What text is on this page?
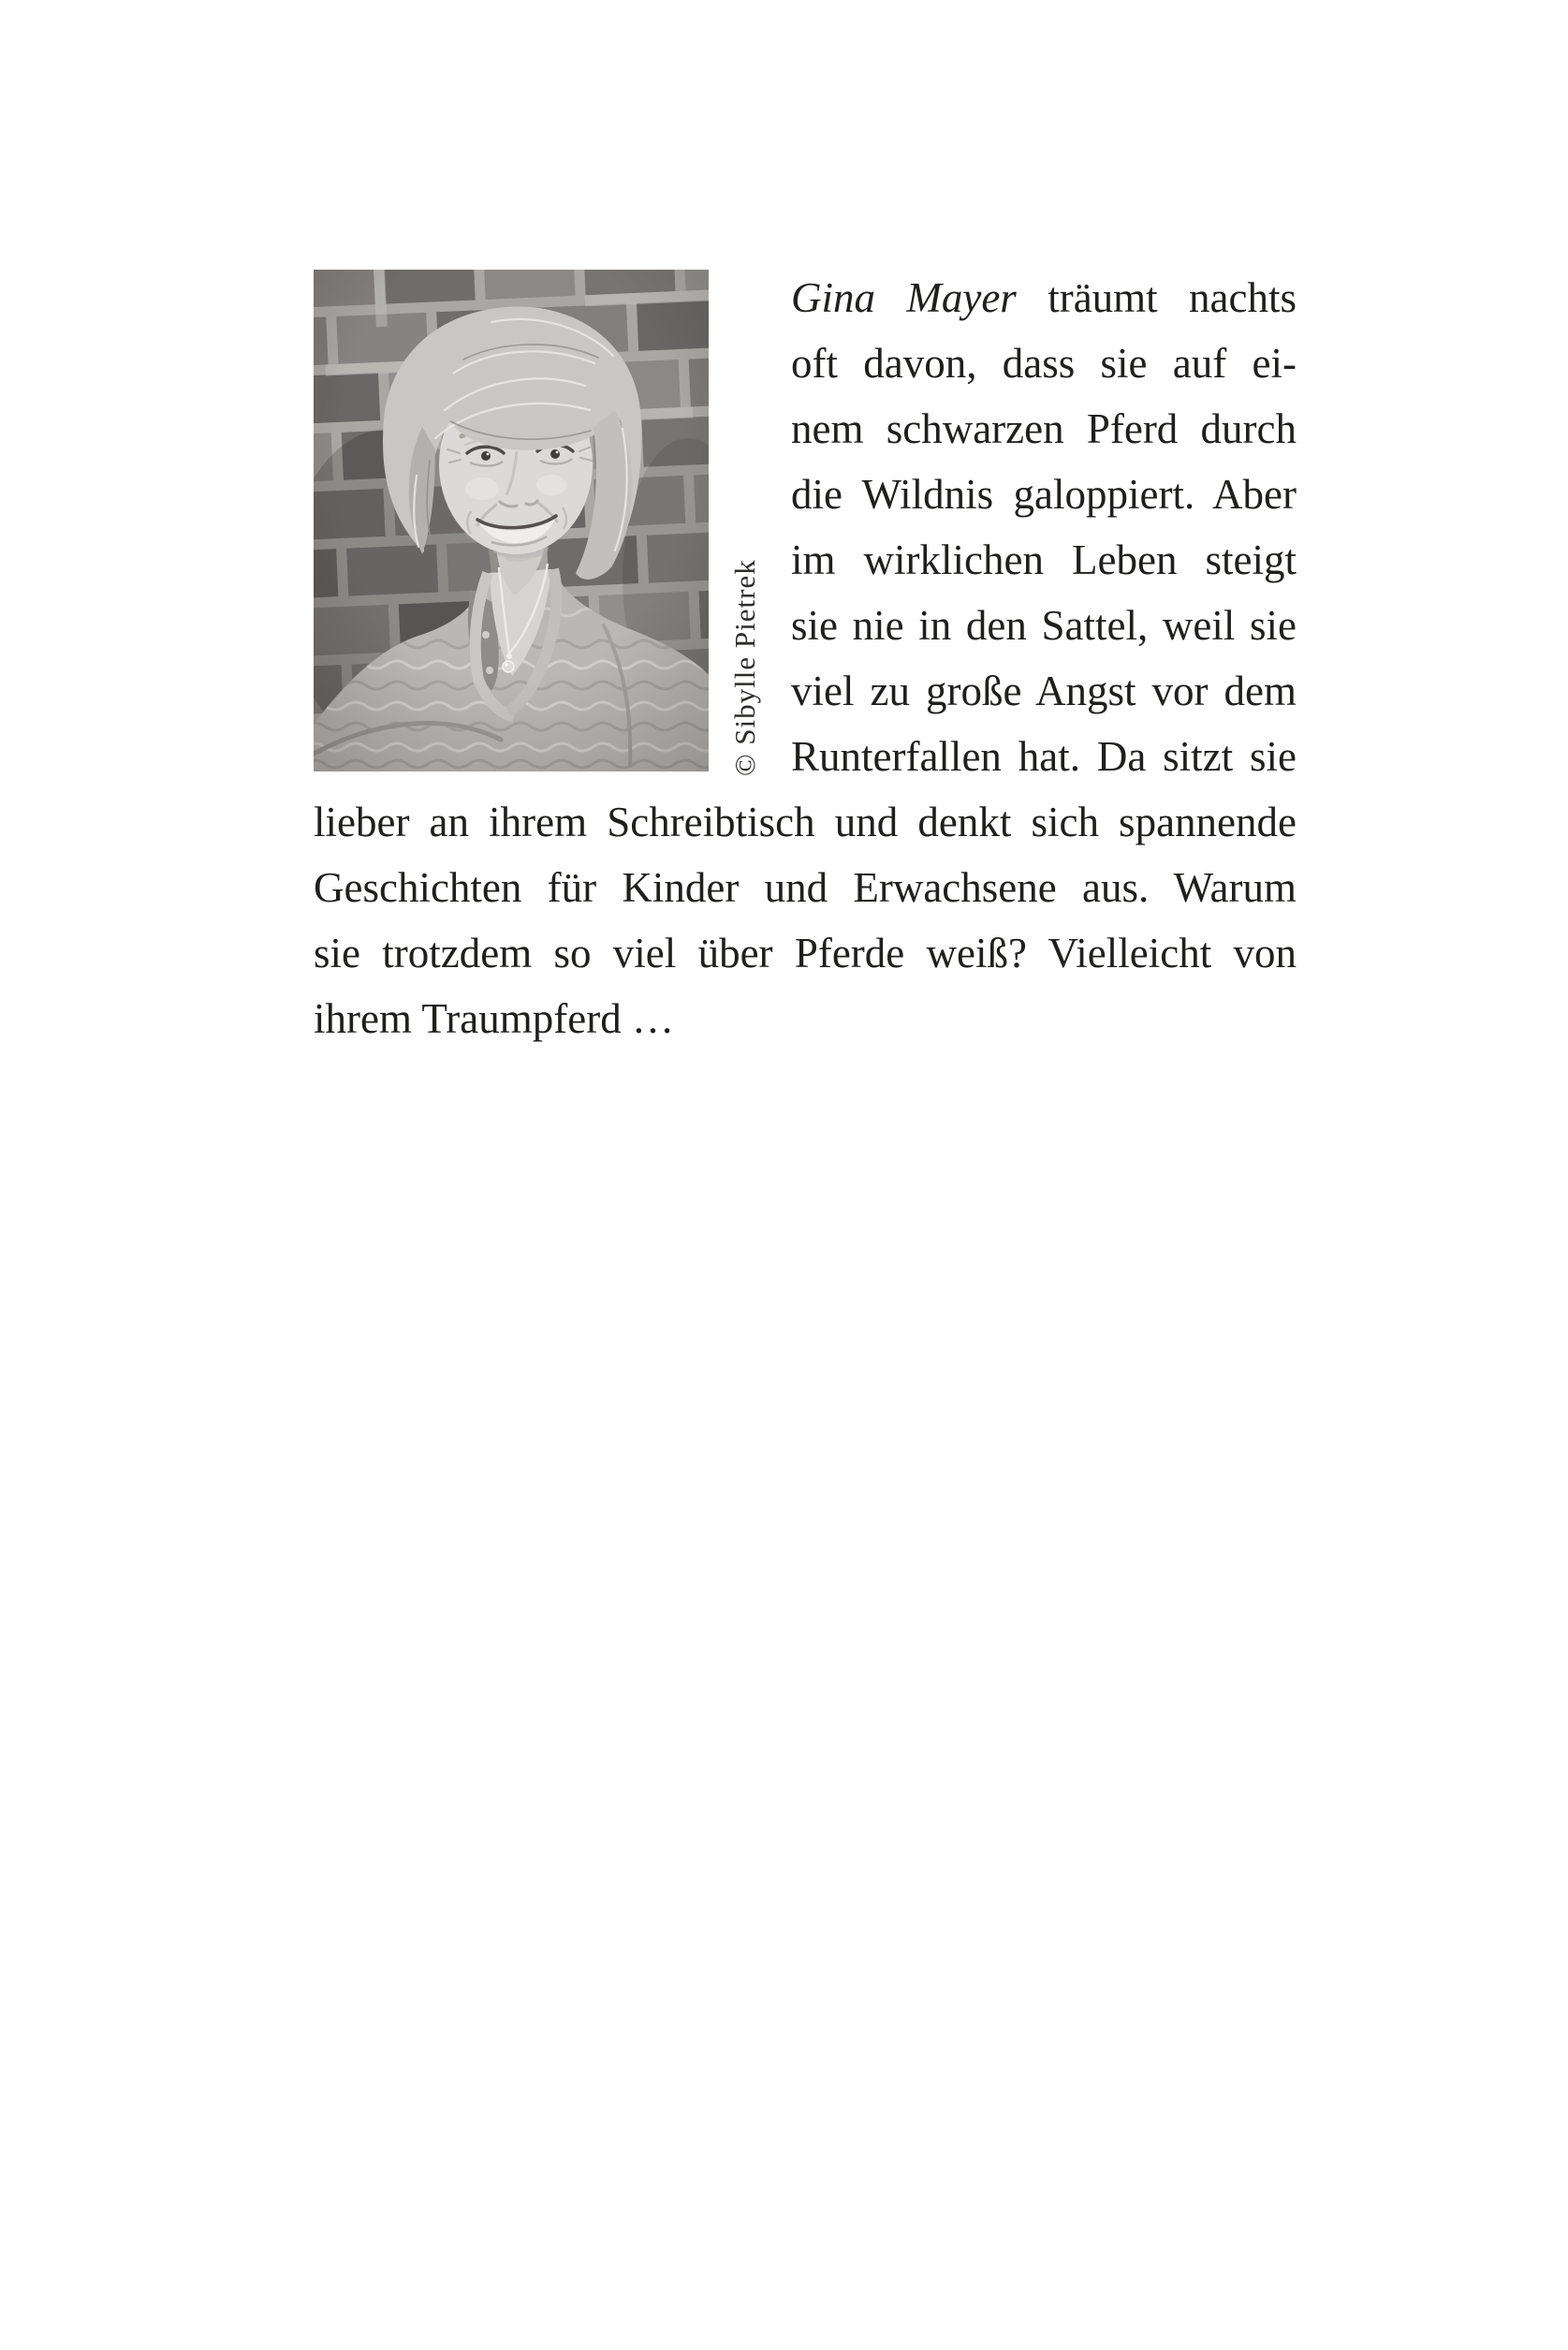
© Sibylle Pietrek
Gina Mayer träumt nachts
oft davon, dass sie auf ei-
nem schwarzen Pferd durch
die Wildnis galoppiert. Aber
im wirklichen Leben steigt
sie nie in den Sattel, weil sie
viel zu große Angst vor dem
Runterfallen hat. Da sitzt sie
lieber an ihrem Schreibtisch und denkt sich spannende
Geschichten für Kinder und Erwachsene aus. Warum
sie trotzdem so viel über Pferde weiß? Vielleicht von
ihrem Traumpferd …
